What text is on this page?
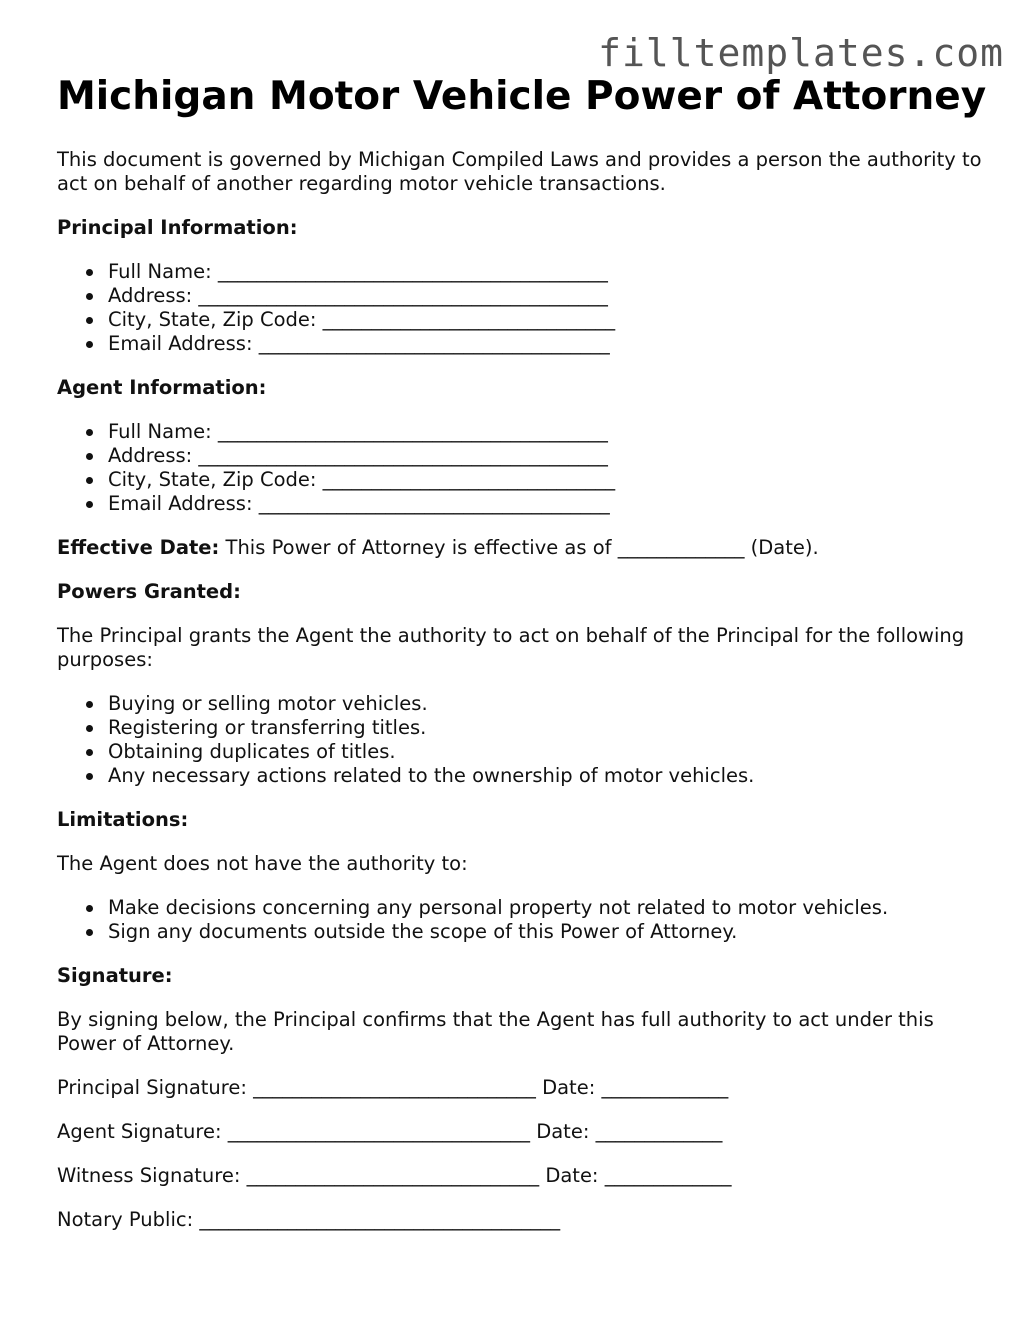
filltemplates.com
Michigan Motor Vehicle Power of Attorney

This document is governed by Michigan Compiled Laws and provides a person the authority to act on behalf of another regarding motor vehicle transactions.

Principal Information:
Full Name: ________________________________________
Address: __________________________________________
City, State, Zip Code: ______________________________
Email Address: ____________________________________
Agent Information:
Full Name: ________________________________________
Address: __________________________________________
City, State, Zip Code: ______________________________
Email Address: ____________________________________

Effective Date: This Power of Attorney is effective as of _____________ (Date).

Powers Granted:

The Principal grants the Agent the authority to act on behalf of the Principal for the following purposes:

Buying or selling motor vehicles.
Registering or transferring titles.
Obtaining duplicates of titles.
Any necessary actions related to the ownership of motor vehicles.
Limitations:

The Agent does not have the authority to:

Make decisions concerning any personal property not related to motor vehicles.
Sign any documents outside the scope of this Power of Attorney.
Signature:

By signing below, the Principal confirms that the Agent has full authority to act under this Power of Attorney.

Principal Signature: _____________________________ Date: _____________
Agent Signature: _______________________________ Date: _____________
Witness Signature: ______________________________ Date: _____________
Notary Public: _____________________________________
